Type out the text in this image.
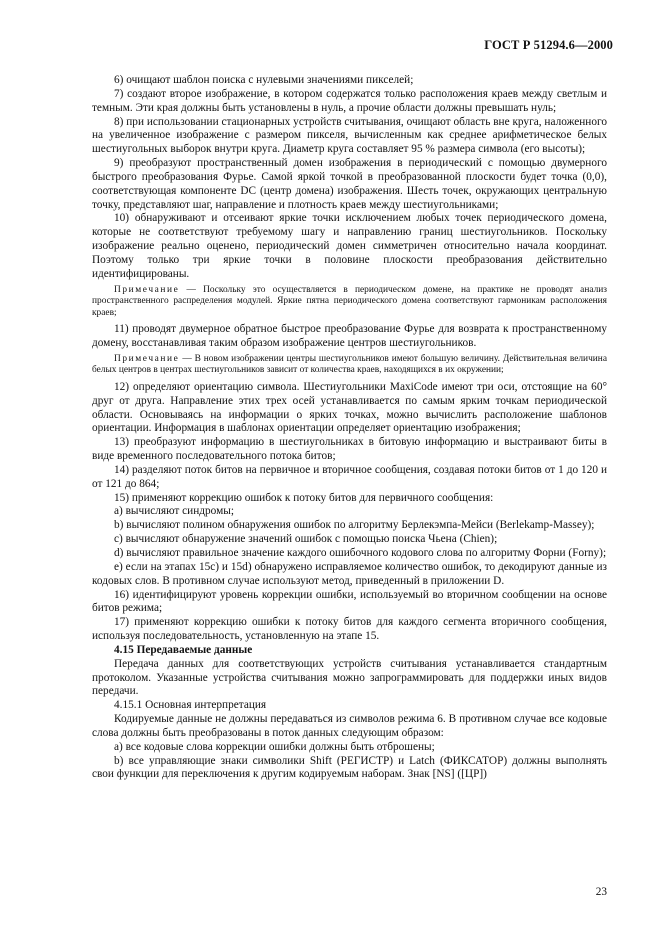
ГОСТ Р 51294.6—2000

6) очищают шаблон поиска с нулевыми значениями пикселей;

7) создают второе изображение, в котором содержатся только расположения краев между светлым и темным. Эти края должны быть установлены в нуль, а прочие области должны превышать нуль;

8) при использовании стационарных устройств считывания, очищают область вне круга, наложенного на увеличенное изображение с размером пикселя, вычисленным как среднее арифметическое белых шестиугольных выборок внутри круга. Диаметр круга составляет 95 % размера символа (его высоты);

9) преобразуют пространственный домен изображения в периодический с помощью двумерного быстрого преобразования Фурье. Самой яркой точкой в преобразованной плоскости будет точка (0,0), соответствующая компоненте DC (центр домена) изображения. Шесть точек, окружающих центральную точку, представляют шаг, направление и плотность краев между шестиугольниками;

10) обнаруживают и отсеивают яркие точки исключением любых точек периодического домена, которые не соответствуют требуемому шагу и направлению границ шестиугольников. Поскольку изображение реально оценено, периодический домен симметричен относительно начала координат. Поэтому только три яркие точки в половине плоскости преобразования действительно идентифицированы.

Примечание — Поскольку это осуществляется в периодическом домене, на практике не проводят анализ пространственного распределения модулей. Яркие пятна периодического домена соответствуют гармоникам расположения краев;

11) проводят двумерное обратное быстрое преобразование Фурье для возврата к пространственному домену, восстанавливая таким образом изображение центров шестиугольников.

Примечание — В новом изображении центры шестиугольников имеют большую величину. Действительная величина белых центров в центрах шестиугольников зависит от количества краев, находящихся в их окружении;

12) определяют ориентацию символа. Шестиугольники MaxiCode имеют три оси, отстоящие на 60° друг от друга. Направление этих трех осей устанавливается по самым ярким точкам периодической области. Основываясь на информации о ярких точках, можно вычислить расположение шаблонов ориентации. Информация в шаблонах ориентации определяет ориентацию изображения;

13) преобразуют информацию в шестиугольниках в битовую информацию и выстраивают биты в виде временного последовательного потока битов;

14) разделяют поток битов на первичное и вторичное сообщения, создавая потоки битов от 1 до 120 и от 121 до 864;

15) применяют коррекцию ошибок к потоку битов для первичного сообщения:

a) вычисляют синдромы;

b) вычисляют полином обнаружения ошибок по алгоритму Берлекэмпа-Мейси (Berlekamp-Massey);

c) вычисляют обнаружение значений ошибок с помощью поиска Чьена (Chien);

d) вычисляют правильное значение каждого ошибочного кодового слова по алгоритму Форни (Forny);

e) если на этапах 15c) и 15d) обнаружено исправляемое количество ошибок, то декодируют данные из кодовых слов. В противном случае используют метод, приведенный в приложении D.

16) идентифицируют уровень коррекции ошибки, используемый во вторичном сообщении на основе битов режима;

17) применяют коррекцию ошибки к потоку битов для каждого сегмента вторичного сообщения, используя последовательность, установленную на этапе 15.

4.15 Передаваемые данные

Передача данных для соответствующих устройств считывания устанавливается стандартным протоколом. Указанные устройства считывания можно запрограммировать для поддержки иных видов передачи.

4.15.1 Основная интерпретация

Кодируемые данные не должны передаваться из символов режима 6. В противном случае все кодовые слова должны быть преобразованы в поток данных следующим образом:

a) все кодовые слова коррекции ошибки должны быть отброшены;

b) все управляющие знаки символики Shift (РЕГИСТР) и Latch (ФИКСАТОР) должны выполнять свои функции для переключения к другим кодируемым наборам. Знак [NS] ([ЦР])

23
